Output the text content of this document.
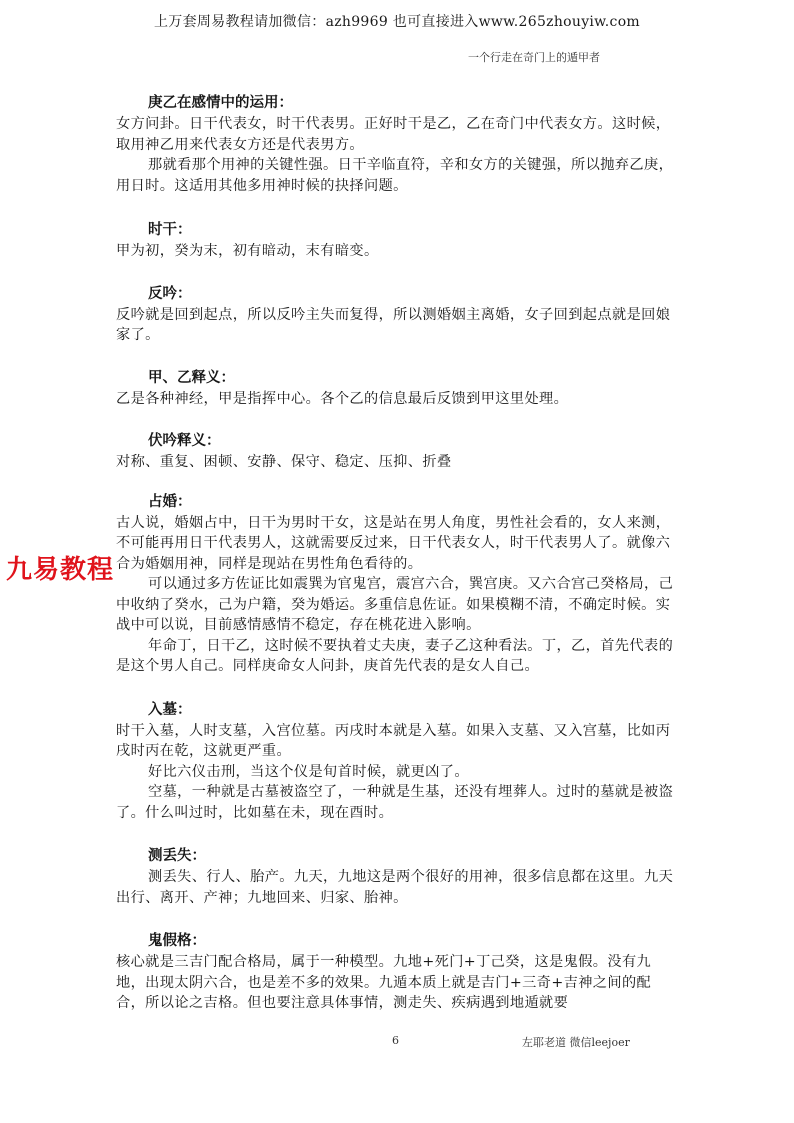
上万套周易教程请加微信：azh9969 也可直接进入www.265zhouyiw.com
一个行走在奇门上的遁甲者
庚乙在感情中的运用：

女方问卦。日干代表女，时干代表男。正好时干是乙，乙在奇门中代表女方。这时候，取用神乙用来代表女方还是代表男方。

那就看那个用神的关键性强。日干辛临直符，辛和女方的关键强，所以抛弃乙庚，用日时。这适用其他多用神时候的抉择问题。

时干：

甲为初，癸为末，初有暗动，末有暗变。

反吟：

反吟就是回到起点，所以反吟主失而复得，所以测婚姻主离婚，女子回到起点就是回娘家了。

甲、乙释义：

乙是各种神经，甲是指挥中心。各个乙的信息最后反馈到甲这里处理。

伏吟释义：

对称、重复、困顿、安静、保守、稳定、压抑、折叠

占婚：

古人说，婚姻占中，日干为男时干女，这是站在男人角度，男性社会看的，女人来测，不可能再用日干代表男人，这就需要反过来，日干代表女人，时干代表男人了。就像六合为婚姻用神，同样是现站在男性角色看待的。

可以通过多方佐证比如震巽为官鬼宫，震宫六合，巽宫庚。又六合宫己癸格局，己中收纳了癸水，己为户籍，癸为婚运。多重信息佐证。如果模糊不清，不确定时候。实战中可以说，目前感情感情不稳定，存在桃花进入影响。

年命丁，日干乙，这时候不要执着丈夫庚，妻子乙这种看法。丁，乙，首先代表的是这个男人自己。同样庚命女人问卦，庚首先代表的是女人自己。

入墓：

时干入墓，人时支墓，入宫位墓。丙戌时本就是入墓。如果入支墓、又入宫墓，比如丙戌时丙在乾，这就更严重。

好比六仪击刑，当这个仪是旬首时候，就更凶了。

空墓，一种就是古墓被盗空了，一种就是生基，还没有埋葬人。过时的墓就是被盗了。什么叫过时，比如墓在未，现在酉时。

测丢失：

测丢失、行人、胎产。九天，九地这是两个很好的用神，很多信息都在这里。九天出行、离开、产神；九地回来、归家、胎神。

鬼假格：

核心就是三吉门配合格局，属于一种模型。九地+死门+丁己癸，这是鬼假。没有九地，出现太阴六合，也是差不多的效果。九遁本质上就是吉门+三奇+吉神之间的配合，所以论之吉格。但也要注意具体事情，测走失、疾病遇到地遁就要

九易教程
6	左耶老道 微信leejoer
